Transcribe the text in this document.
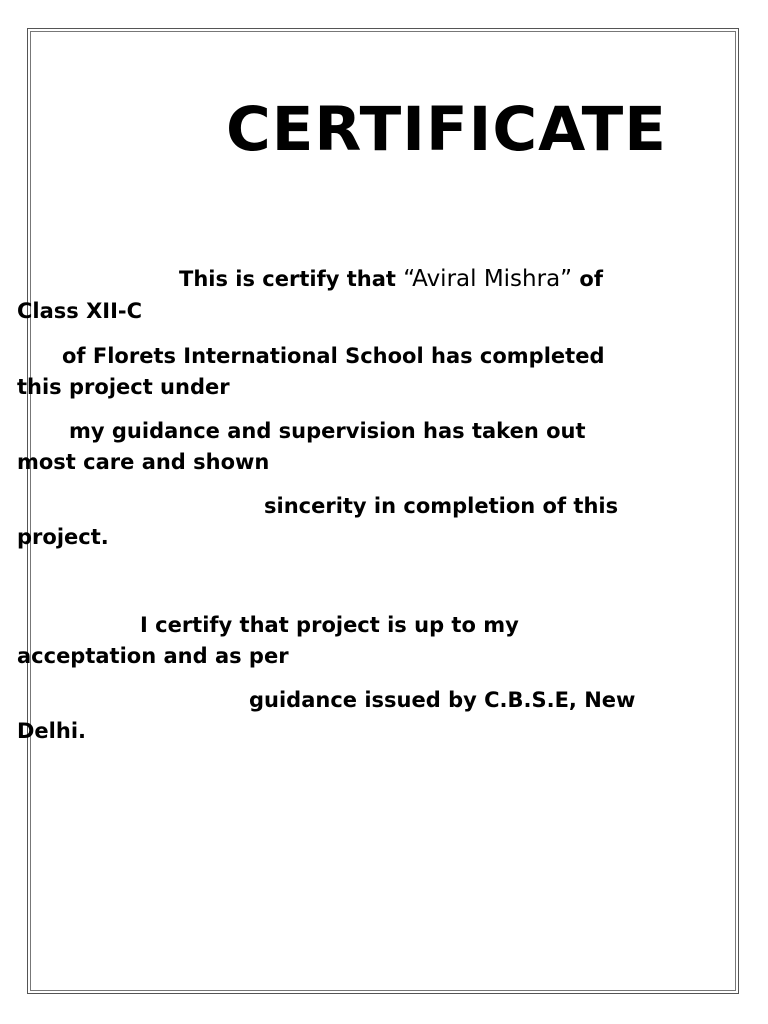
CERTIFICATE
This is certify that “Aviral Mishra” of
Class XII-C
of Florets International School has completed
this project under
my guidance and supervision has taken out
most care and shown
sincerity in completion of this
project.
I certify that project is up to my
acceptation and as per
guidance issued by C.B.S.E, New
Delhi.
